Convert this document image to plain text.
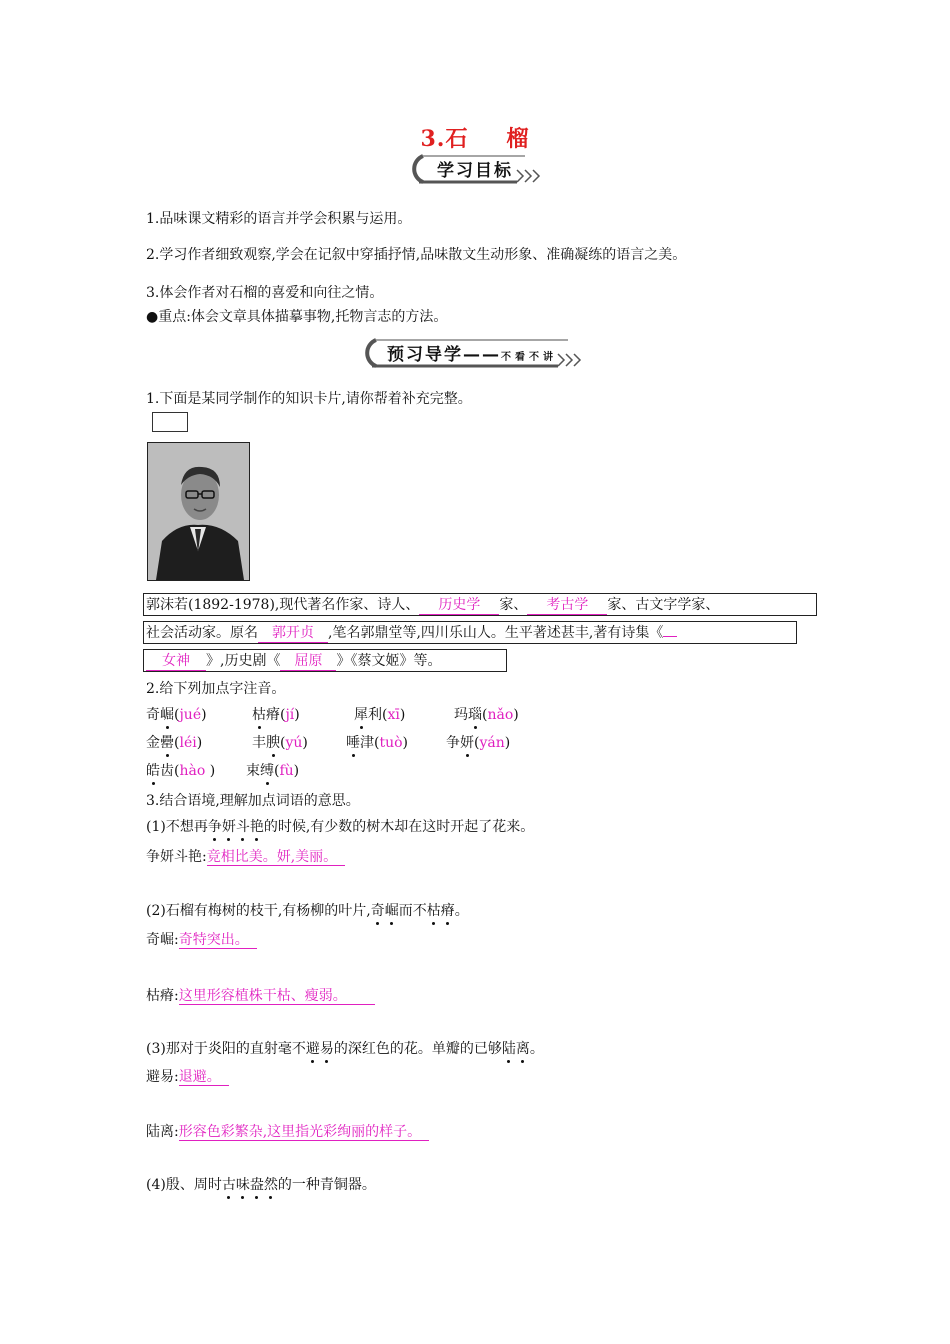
3.石 榴
学习目标
1.品味课文精彩的语言并学会积累与运用。
2.学习作者细致观察,学会在记叙中穿插抒情,品味散文生动形象、准确凝练的语言之美。
3.体会作者对石榴的喜爱和向往之情。
●重点:体会文章具体描摹事物,托物言志的方法。
预习导学——不看不讲
1.下面是某同学制作的知识卡片,请你帮着补充完整。
郭沫若(1892-1978),现代著名作家、诗人、 历史学 家、 考古学 家、古文字学家、
社会活动家。原名 郭开贞 ,笔名郭鼎堂等,四川乐山人。生平著述甚丰,著有诗集《
女神 》,历史剧《 屈原 》《蔡文姬》等。
2.给下列加点字注音。
奇崛(jué)	枯瘠(jí)	犀利(xī)	玛瑙(nǎo)
金罍(léi)	丰腴(yú)	唾津(tuò)	争妍(yán)
皓齿(hào ) 束缚(fù)
3.结合语境,理解加点词语的意思。
(1)不想再争妍斗艳的时候,有少数的树木却在这时开起了花来。
争妍斗艳:竞相比美。妍,美丽。
(2)石榴有梅树的枝干,有杨柳的叶片,奇崛而不枯瘠。
奇崛:奇特突出。
枯瘠:这里形容植株干枯、瘦弱。
(3)那对于炎阳的直射毫不避易的深红色的花。单瓣的已够陆离。
避易:退避。
陆离:形容色彩繁杂,这里指光彩绚丽的样子。
(4)殷、周时古味盎然的一种青铜器。
